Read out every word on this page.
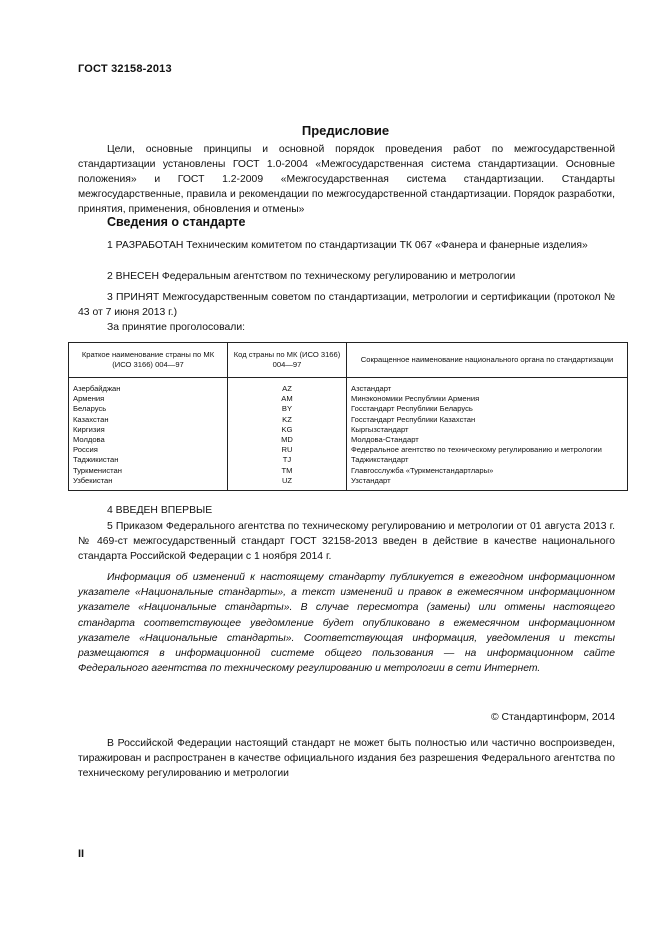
ГОСТ 32158-2013
Предисловие
Цели, основные принципы и основной порядок проведения работ по межгосударственной стандартизации установлены ГОСТ 1.0-2004 «Межгосударственная система стандартизации. Основные положения» и ГОСТ 1.2-2009 «Межгосударственная система стандартизации. Стандарты межгосударственные, правила и рекомендации по межгосударственной стандартизации. Порядок разработки, принятия, применения, обновления и отмены»
Сведения о стандарте
1 РАЗРАБОТАН Техническим комитетом по стандартизации ТК 067 «Фанера и фанерные изделия»
2 ВНЕСЕН Федеральным агентством по техническому регулированию и метрологии
3 ПРИНЯТ Межгосударственным советом по стандартизации, метрологии и сертификации (протокол № 43 от 7 июня 2013 г.)
За принятие проголосовали:
Краткое наименование страны по МК (ИСО 3166) 004—97	Код страны по МК (ИСО 3166) 004—97	Сокращенное наименование национального органа по стандартизации

Азербайджан	AZ	Азстандарт
Армения	AM	Минэкономики Республики Армения
Беларусь	BY	Госстандарт Республики Беларусь
Казахстан	KZ	Госстандарт Республики Казахстан
Киргизия	KG	Кыргызстандарт
Молдова	MD	Молдова-Стандарт
Россия	RU	Федеральное агентство по техническому регулированию и метрологии
Таджикистан	TJ	Таджикстандарт
Туркменистан	TM	Главгосслужба «Туркменстандартлары»
Узбекистан	UZ	Узстандарт
4 ВВЕДЕН ВПЕРВЫЕ
5 Приказом Федерального агентства по техническому регулированию и метрологии от 01 августа 2013 г. № 469-ст межгосударственный стандарт ГОСТ 32158-2013 введен в действие в качестве национального стандарта Российской Федерации с 1 ноября 2014 г.
Информация об изменений к настоящему стандарту публикуется в ежегодном информационном указателе «Национальные стандарты», а текст изменений и правок в ежемесячном информационном указателе «Национальные стандарты». В случае пересмотра (замены) или отмены настоящего стандарта соответствующее уведомление будет опубликовано в ежемесячном информационном указателе «Национальные стандарты». Соответствующая информация, уведомления и тексты размещаются в информационной системе общего пользования — на информационном сайте Федерального агентства по техническому регулированию и метрологии в сети Интернет.
© Стандартинформ, 2014
В Российской Федерации настоящий стандарт не может быть полностью или частично воспроизведен, тиражирован и распространен в качестве официального издания без разрешения Федерального агентства по техническому регулированию и метрологии
II
